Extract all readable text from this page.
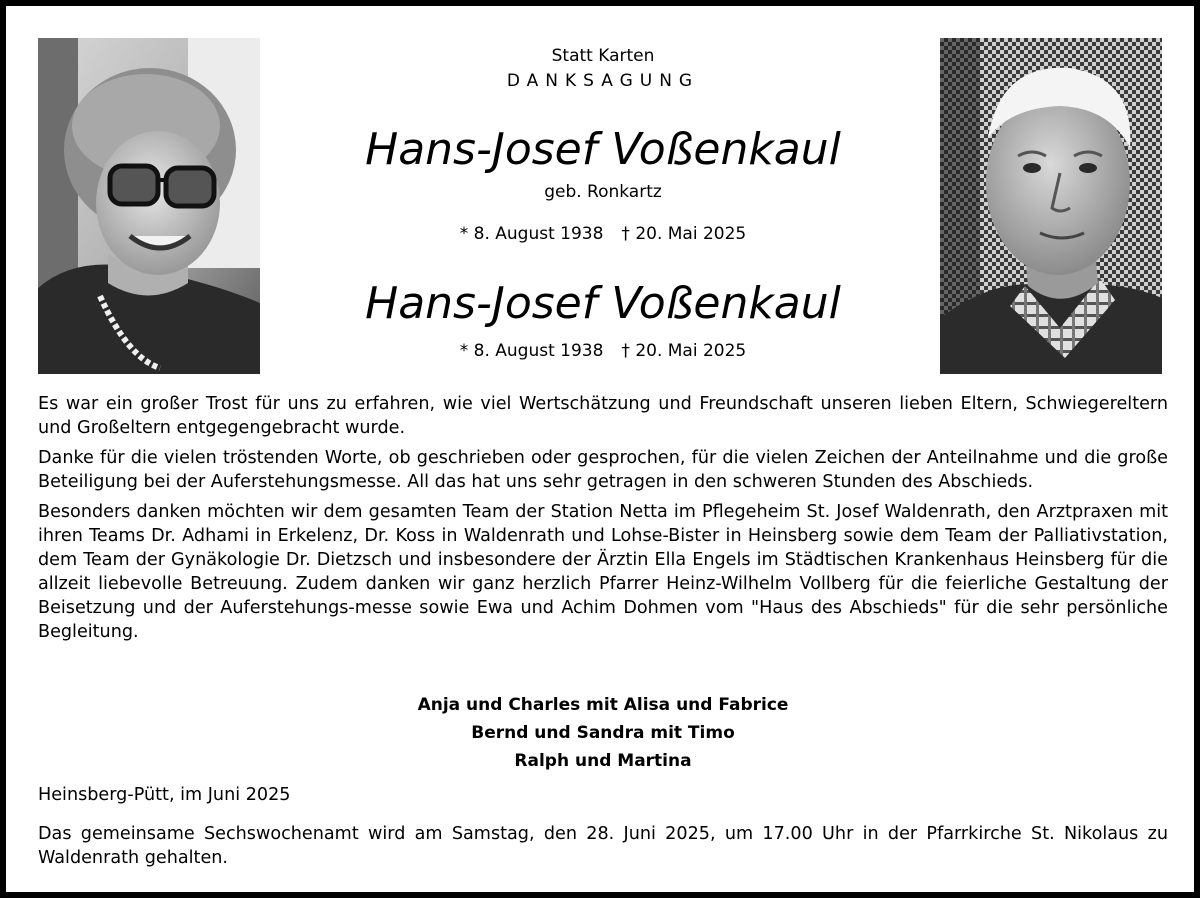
Statt Karten
DANKSAGUNG
Hans-Josef Voßenkaul
geb. Ronkartz
* 8. August 1938 † 20. Mai 2025
Hans-Josef Voßenkaul
* 8. August 1938 † 20. Mai 2025

Es war ein großer Trost für uns zu erfahren, wie viel Wertschätzung und Freundschaft unseren lieben Eltern, Schwiegereltern und Großeltern entgegengebracht wurde.

Danke für die vielen tröstenden Worte, ob geschrieben oder gesprochen, für die vielen Zeichen der Anteilnahme und die große Beteiligung bei der Auferstehungsmesse. All das hat uns sehr getragen in den schweren Stunden des Abschieds.

Besonders danken möchten wir dem gesamten Team der Station Netta im Pflegeheim St. Josef Waldenrath, den Arztpraxen mit ihren Teams Dr. Adhami in Erkelenz, Dr. Koss in Waldenrath und Lohse-Bister in Heinsberg sowie dem Team der Palliativstation, dem Team der Gynäkologie Dr. Dietzsch und insbesondere der Ärztin Ella Engels im Städtischen Krankenhaus Heinsberg für die allzeit liebevolle Betreuung. Zudem danken wir ganz herzlich Pfarrer Heinz-Wilhelm Vollberg für die feierliche Gestaltung der Beisetzung und der Auferstehungs-messe sowie Ewa und Achim Dohmen vom "Haus des Abschieds" für die sehr persönliche Begleitung.

Anja und Charles mit Alisa und Fabrice
Bernd und Sandra mit Timo
Ralph und Martina
Heinsberg-Pütt, im Juni 2025
Das gemeinsame Sechswochenamt wird am Samstag, den 28. Juni 2025, um 17.00 Uhr in der Pfarrkirche St. Nikolaus zu Waldenrath gehalten.
